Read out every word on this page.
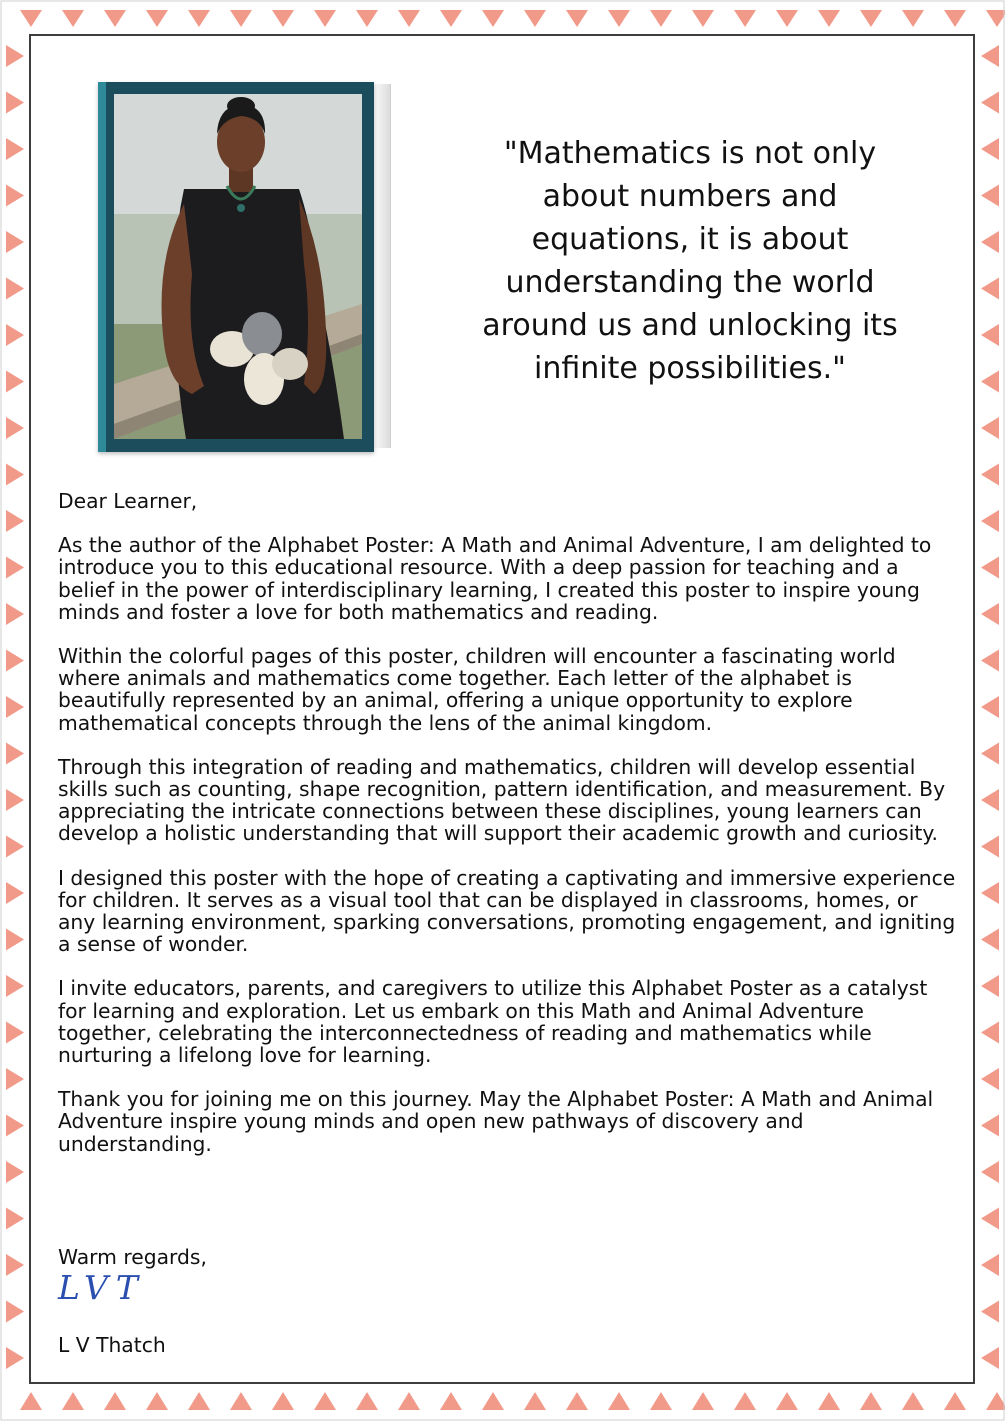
"Mathematics is not only about numbers and equations, it is about understanding the world around us and unlocking its infinite possibilities."

Dear Learner,

As the author of the Alphabet Poster: A Math and Animal Adventure, I am delighted to introduce you to this educational resource. With a deep passion for teaching and a belief in the power of interdisciplinary learning, I created this poster to inspire young minds and foster a love for both mathematics and reading.

Within the colorful pages of this poster, children will encounter a fascinating world where animals and mathematics come together. Each letter of the alphabet is beautifully represented by an animal, offering a unique opportunity to explore mathematical concepts through the lens of the animal kingdom.

Through this integration of reading and mathematics, children will develop essential skills such as counting, shape recognition, pattern identification, and measurement. By appreciating the intricate connections between these disciplines, young learners can develop a holistic understanding that will support their academic growth and curiosity.

I designed this poster with the hope of creating a captivating and immersive experience for children. It serves as a visual tool that can be displayed in classrooms, homes, or any learning environment, sparking conversations, promoting engagement, and igniting a sense of wonder.

I invite educators, parents, and caregivers to utilize this Alphabet Poster as a catalyst for learning and exploration. Let us embark on this Math and Animal Adventure together, celebrating the interconnectedness of reading and mathematics while nurturing a lifelong love for learning.

Thank you for joining me on this journey. May the Alphabet Poster: A Math and Animal Adventure inspire young minds and open new pathways of discovery and understanding.

Warm regards,
LVT
L V Thatch
